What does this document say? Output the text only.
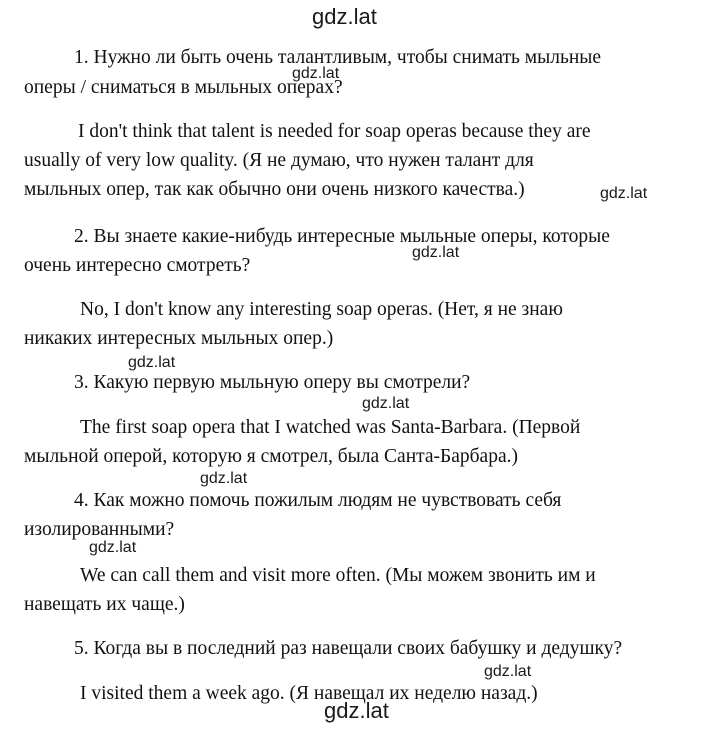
gdz.lat
gdz.lat
gdz.lat
gdz.lat
gdz.lat
gdz.lat
gdz.lat
gdz.lat
gdz.lat
gdz.lat
1. Нужно ли быть очень талантливым, чтобы снимать мыльные
оперы / сниматься в мыльных операх?
I don't think that talent is needed for soap operas because they are
usually of very low quality. (Я не думаю, что нужен талант для
мыльных опер, так как обычно они очень низкого качества.)
2. Вы знаете какие-нибудь интересные мыльные оперы, которые
очень интересно смотреть?
No, I don't know any interesting soap operas. (Нет, я не знаю
никаких интересных мыльных опер.)
3. Какую первую мыльную оперу вы смотрели?
The first soap opera that I watched was Santa-Barbara. (Первой
мыльной оперой, которую я смотрел, была Санта-Барбара.)
4. Как можно помочь пожилым людям не чувствовать себя
изолированными?
We can call them and visit more often. (Мы можем звонить им и
навещать их чаще.)
5. Когда вы в последний раз навещали своих бабушку и дедушку?
I visited them a week ago. (Я навещал их неделю назад.)
